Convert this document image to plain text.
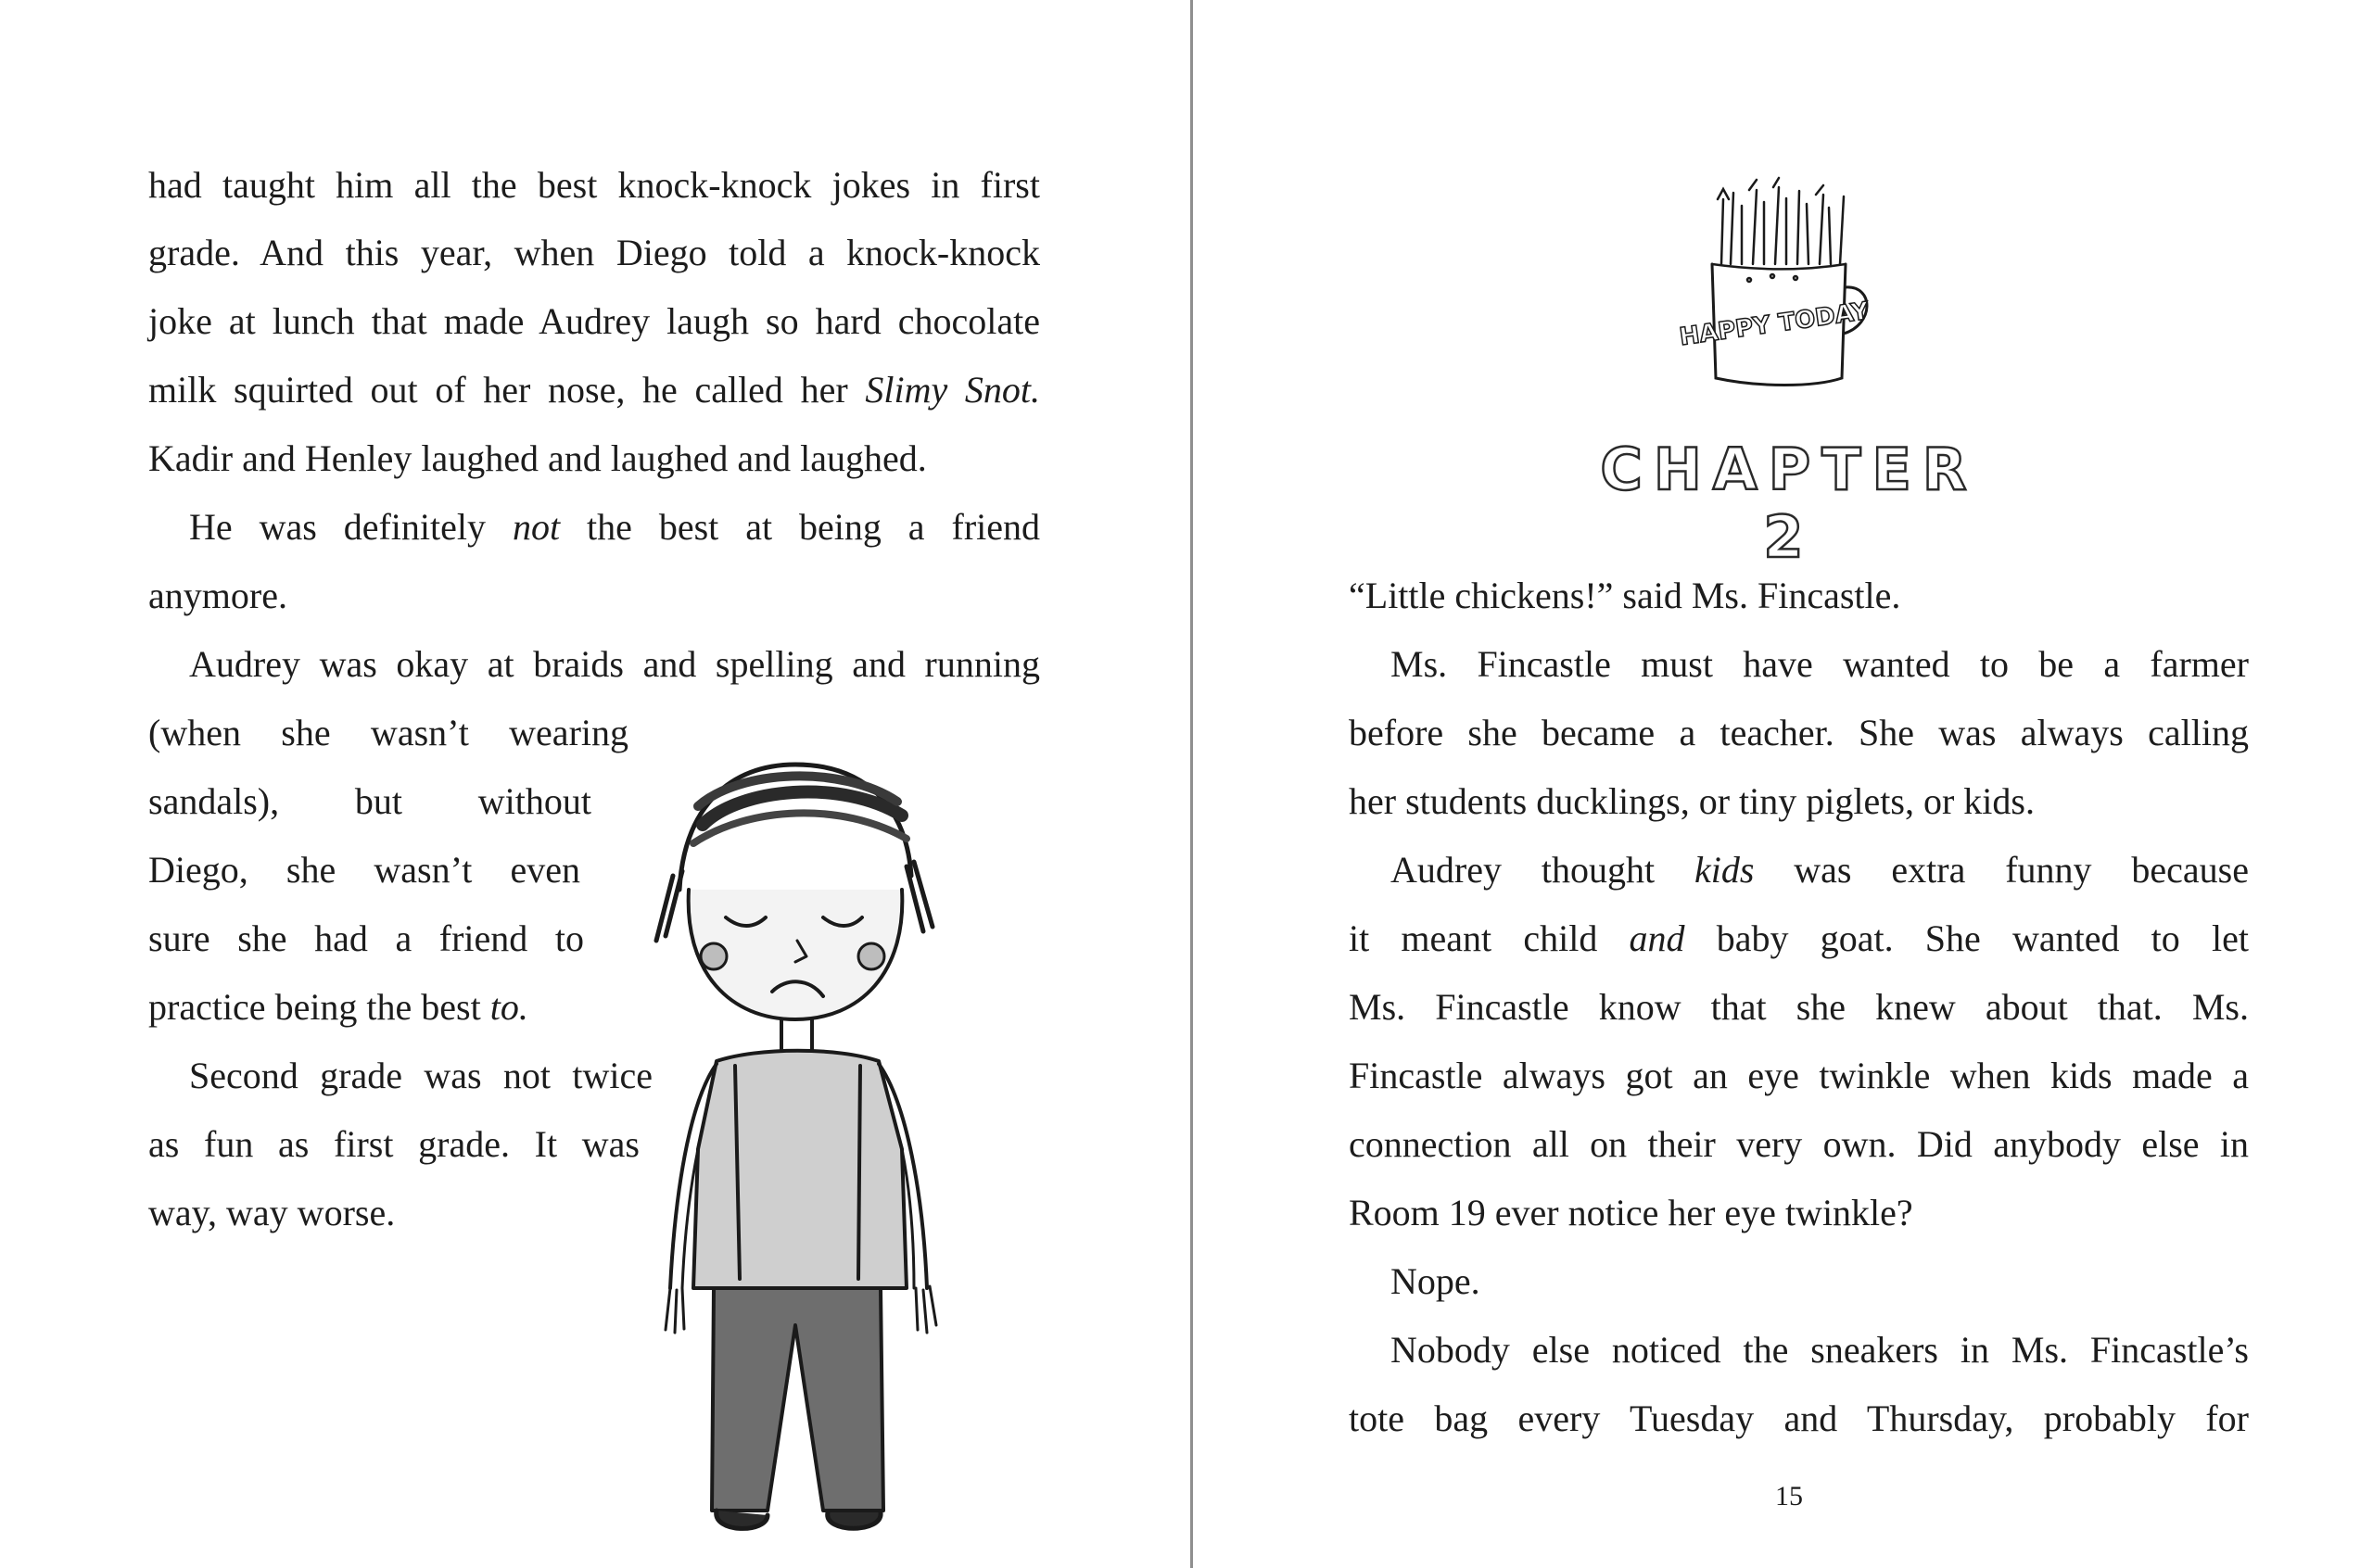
had taught him all the best knock-knock jokes in first
grade. And this year, when Diego told a knock-knock
joke at lunch that made Audrey laugh so hard chocolate
milk squirted out of her nose, he called her Slimy Snot.
Kadir and Henley laughed and laughed and laughed.
He was definitely not the best at being a friend
anymore.
Audrey was okay at braids and spelling and running
(when she wasn’t wearing
sandals), but without
Diego, she wasn’t even
sure she had a friend to
practice being the best to.
Second grade was not twice
as fun as first grade. It was
way, way worse.
HAPPY TODAY
CHAPTER 2
“Little chickens!” said Ms. Fincastle.
Ms. Fincastle must have wanted to be a farmer
before she became a teacher. She was always calling
her students ducklings, or tiny piglets, or kids.
Audrey thought kids was extra funny because
it meant child and baby goat. She wanted to let
Ms. Fincastle know that she knew about that. Ms.
Fincastle always got an eye twinkle when kids made a
connection all on their very own. Did anybody else in
Room 19 ever notice her eye twinkle?
Nope.
Nobody else noticed the sneakers in Ms. Fincastle’s
tote bag every Tuesday and Thursday, probably for
15
